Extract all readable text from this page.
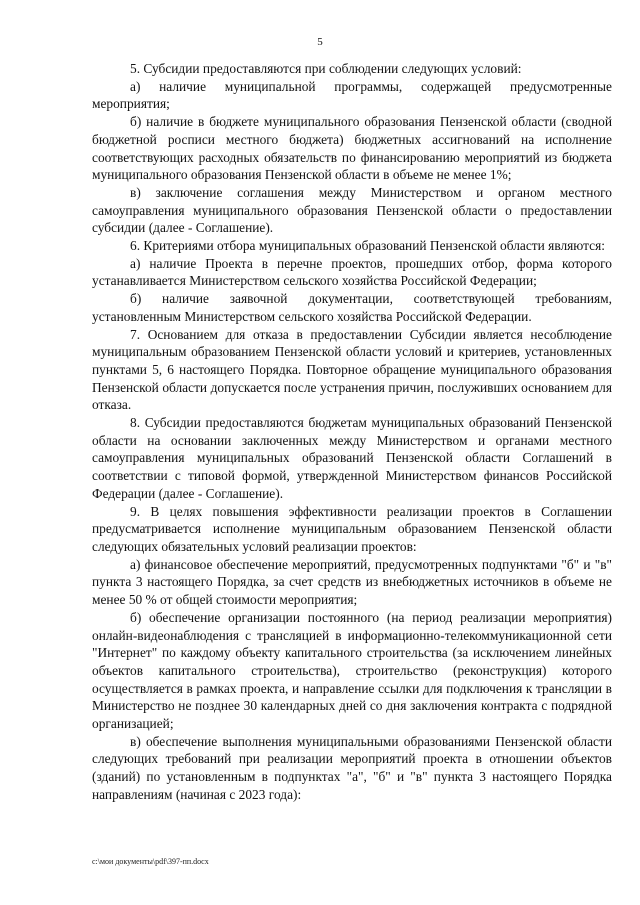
5

5. Субсидии предоставляются при соблюдении следующих условий:

а) наличие муниципальной программы, содержащей предусмотренные мероприятия;

б) наличие в бюджете муниципального образования Пензенской области (сводной бюджетной росписи местного бюджета) бюджетных ассигнований на исполнение соответствующих расходных обязательств по финансированию мероприятий из бюджета муниципального образования Пензенской области в объеме не менее 1%;

в) заключение соглашения между Министерством и органом местного самоуправления муниципального образования Пензенской области о предоставлении субсидии (далее - Соглашение).

6. Критериями отбора муниципальных образований Пензенской области являются:

а) наличие Проекта в перечне проектов, прошедших отбор, форма которого устанавливается Министерством сельского хозяйства Российской Федерации;

б) наличие заявочной документации, соответствующей требованиям, установленным Министерством сельского хозяйства Российской Федерации.

7. Основанием для отказа в предоставлении Субсидии является несоблюдение муниципальным образованием Пензенской области условий и критериев, установленных пунктами 5, 6 настоящего Порядка. Повторное обращение муниципального образования Пензенской области допускается после устранения причин, послуживших основанием для отказа.

8. Субсидии предоставляются бюджетам муниципальных образований Пензенской области на основании заключенных между Министерством и органами местного самоуправления муниципальных образований Пензенской области Соглашений в соответствии с типовой формой, утвержденной Министерством финансов Российской Федерации (далее - Соглашение).

9. В целях повышения эффективности реализации проектов в Соглашении предусматривается исполнение муниципальным образованием Пензенской области следующих обязательных условий реализации проектов:

а) финансовое обеспечение мероприятий, предусмотренных подпунктами "б" и "в" пункта 3 настоящего Порядка, за счет средств из внебюджетных источников в объеме не менее 50 % от общей стоимости мероприятия;

б) обеспечение организации постоянного (на период реализации мероприятия) онлайн-видеонаблюдения с трансляцией в информационно-телекоммуникационной сети "Интернет" по каждому объекту капитального строительства (за исключением линейных объектов капитального строительства), строительство (реконструкция) которого осуществляется в рамках проекта, и направление ссылки для подключения к трансляции в Министерство не позднее 30 календарных дней со дня заключения контракта с подрядной организацией;

в) обеспечение выполнения муниципальными образованиями Пензенской области следующих требований при реализации мероприятий проекта в отношении объектов (зданий) по установленным в подпунктах "а", "б" и "в" пункта 3 настоящего Порядка направлениям (начиная с 2023 года):

c:\мои документы\pdf\397-пп.docx
